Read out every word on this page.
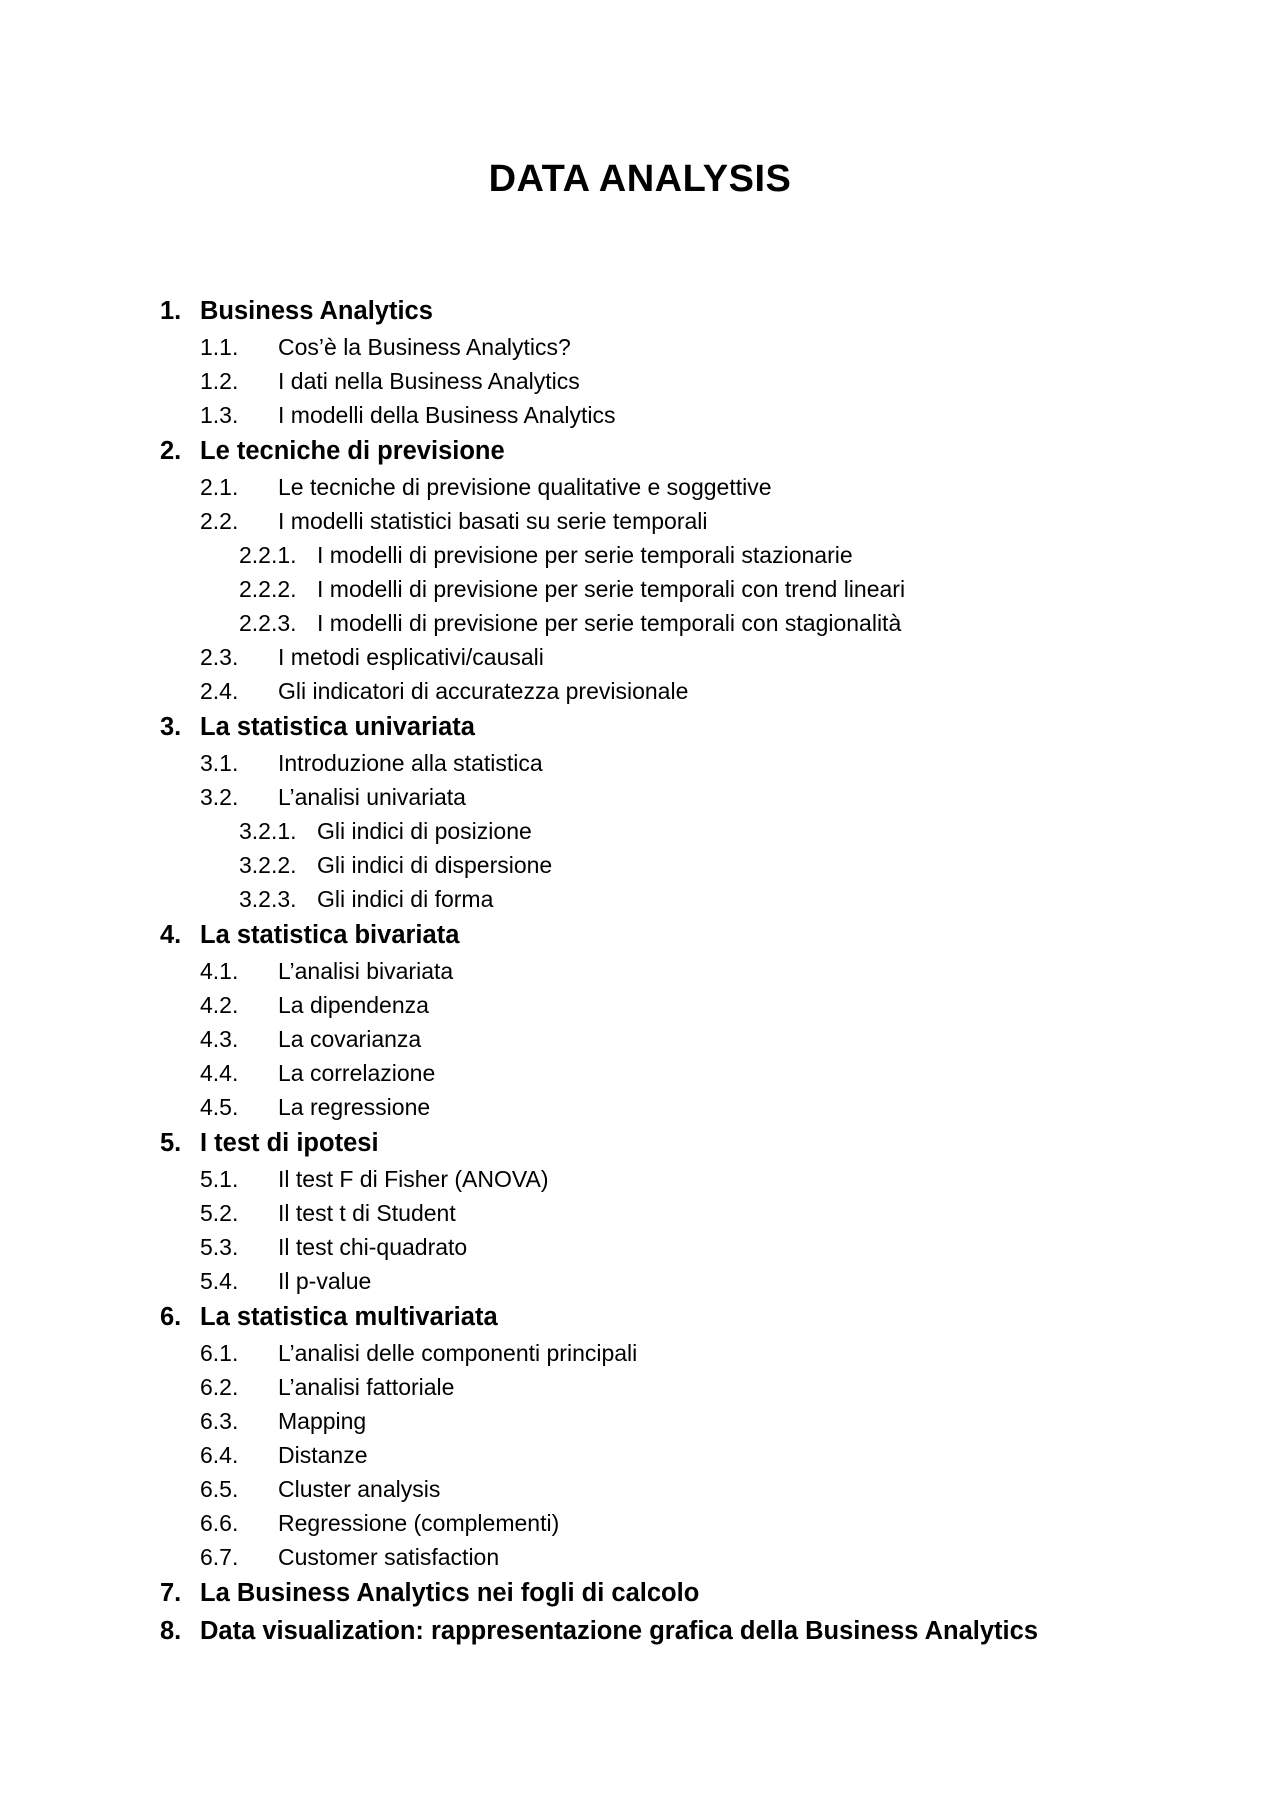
DATA ANALYSIS
1. Business Analytics
1.1. Cos’è la Business Analytics?
1.2. I dati nella Business Analytics
1.3. I modelli della Business Analytics
2. Le tecniche di previsione
2.1. Le tecniche di previsione qualitative e soggettive
2.2. I modelli statistici basati su serie temporali
2.2.1. I modelli di previsione per serie temporali stazionarie
2.2.2. I modelli di previsione per serie temporali con trend lineari
2.2.3. I modelli di previsione per serie temporali con stagionalità
2.3. I metodi esplicativi/causali
2.4. Gli indicatori di accuratezza previsionale
3. La statistica univariata
3.1. Introduzione alla statistica
3.2. L’analisi univariata
3.2.1. Gli indici di posizione
3.2.2. Gli indici di dispersione
3.2.3. Gli indici di forma
4. La statistica bivariata
4.1. L’analisi bivariata
4.2. La dipendenza
4.3. La covarianza
4.4. La correlazione
4.5. La regressione
5. I test di ipotesi
5.1. Il test F di Fisher (ANOVA)
5.2. Il test t di Student
5.3. Il test chi-quadrato
5.4. Il p-value
6. La statistica multivariata
6.1. L’analisi delle componenti principali
6.2. L’analisi fattoriale
6.3. Mapping
6.4. Distanze
6.5. Cluster analysis
6.6. Regressione (complementi)
6.7. Customer satisfaction
7. La Business Analytics nei fogli di calcolo
8. Data visualization: rappresentazione grafica della Business Analytics
